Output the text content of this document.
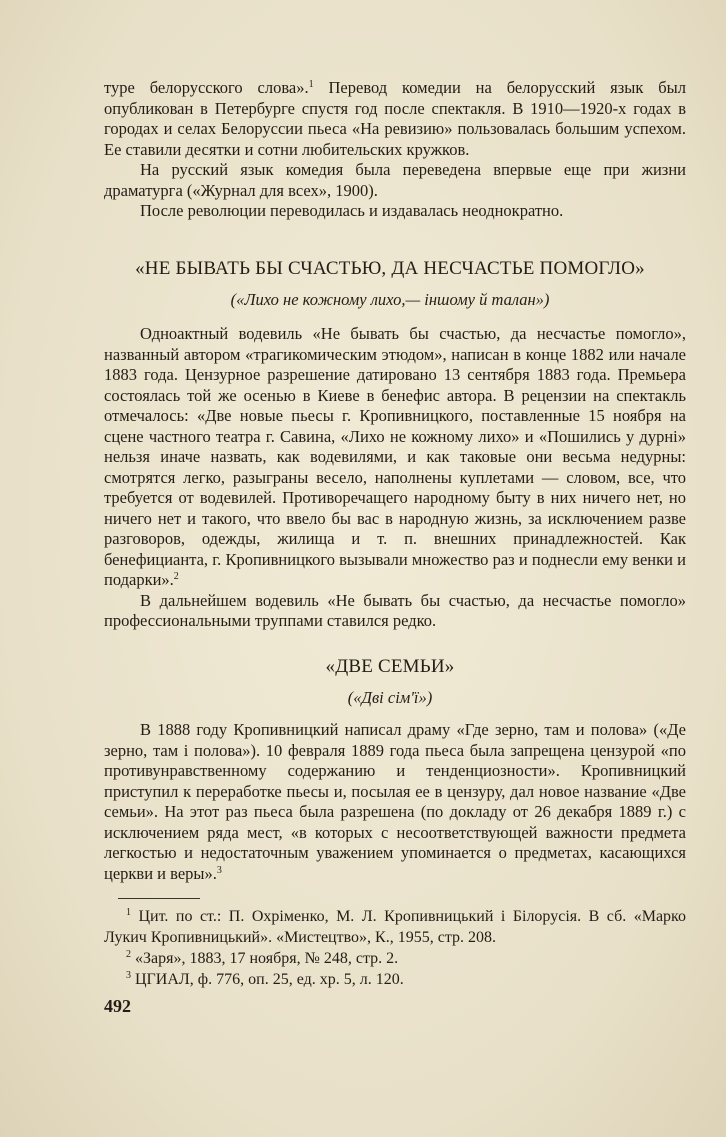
туре белорусского слова».$^1$ Перевод комедии на белорусский язык был опубликован в Петербурге спустя год после спектакля. В 1910—1920-х годах в городах и селах Белоруссии пьеса «На ревизию» пользовалась большим успехом. Ее ставили десятки и сотни любительских кружков.

На русский язык комедия была переведена впервые еще при жизни драматурга («Журнал для всех», 1900).

После революции переводилась и издавалась неоднократно.

«НЕ БЫВАТЬ БЫ СЧАСТЬЮ, ДА НЕСЧАСТЬЕ ПОМОГЛО»

(«Лихо не кожному лихо,— іншому й талан»)

Одноактный водевиль «Не бывать бы счастью, да несчастье помогло», названный автором «трагикомическим этюдом», написан в конце 1882 или начале 1883 года. Цензурное разрешение датировано 13 сентября 1883 года. Премьера состоялась той же осенью в Киеве в бенефис автора. В рецензии на спектакль отмечалось: «Две новые пьесы г. Кропивницкого, поставленные 15 ноября на сцене частного театра г. Савина, «Лихо не кожному лихо» и «Пошились у дурні» нельзя иначе назвать, как водевилями, и как таковые они весьма недурны: смотрятся легко, разыграны весело, наполнены куплетами — словом, все, что требуется от водевилей. Противоречащего народному быту в них ничего нет, но ничего нет и такого, что ввело бы вас в народную жизнь, за исключением разве разговоров, одежды, жилища и т. п. внешних принадлежностей. Как бенефицианта, г. Кропивницкого вызывали множество раз и поднесли ему венки и подарки».$^2$

В дальнейшем водевиль «Не бывать бы счастью, да несчастье помогло» профессиональными труппами ставился редко.

«ДВЕ СЕМЬИ»

(«Дві сім'ї»)

В 1888 году Кропивницкий написал драму «Где зерно, там и полова» («Де зерно, там і полова»). 10 февраля 1889 года пьеса была запрещена цензурой «по противунравственному содержанию и тенденциозности». Кропивницкий приступил к переработке пьесы и, посылая ее в цензуру, дал новое название «Две семьи». На этот раз пьеса была разрешена (по докладу от 26 декабря 1889 г.) с исключением ряда мест, «в которых с несоответствующей важности предмета легкостью и недостаточным уважением упоминается о предметах, касающихся церкви и веры».$^3$

$^1$ Цит. по ст.: П. Охріменко, М. Л. Кропивницький і Білорусія. В сб. «Марко Лукич Кропивницький». «Мистецтво», К., 1955, стр. 208.

$^2$ «Заря», 1883, 17 ноября, № 248, стр. 2.

$^3$ ЦГИАЛ, ф. 776, оп. 25, ед. хр. 5, л. 120.

492
